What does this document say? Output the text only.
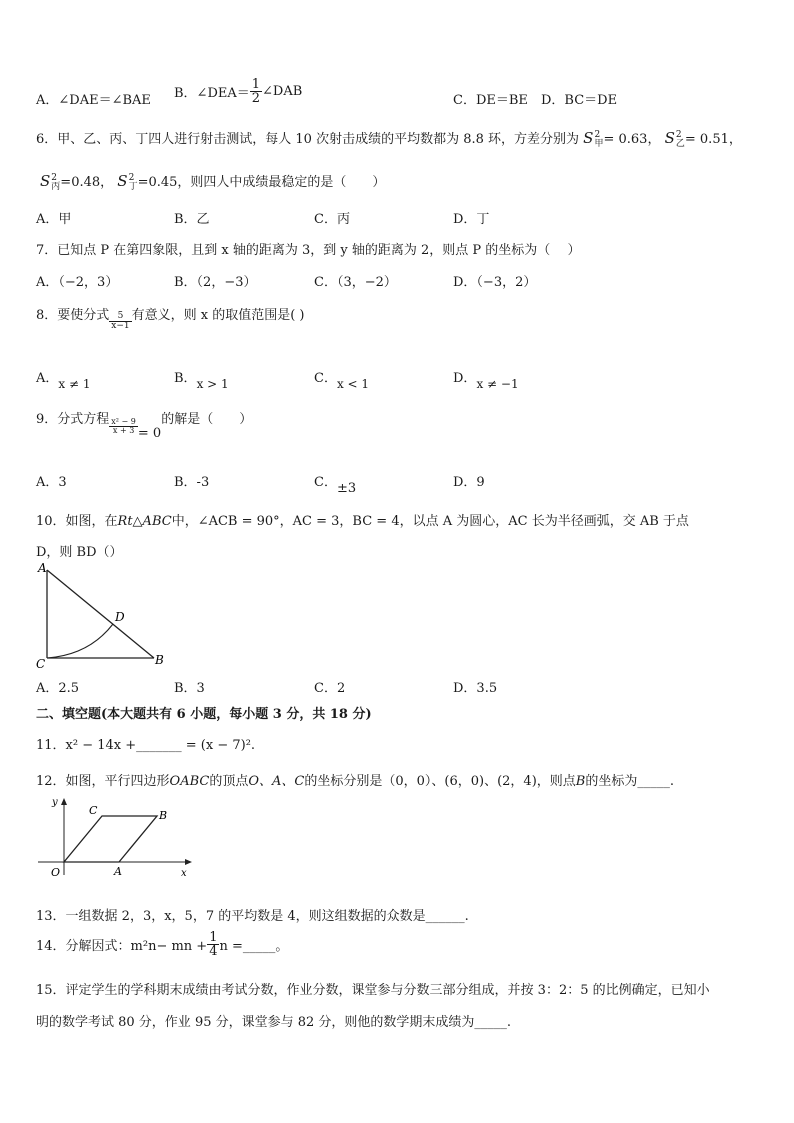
A．∠DAE＝∠BAE B．∠DEA＝ $\frac{1}{2}$ ∠DAB
C．DE＝BE D．BC＝DE
6．甲、乙、丙、丁四人进行射击测试，每人 10 次射击成绩的平均数都为 8.8 环，方差分别为 S 2
甲 = 0.63， S 2
乙 = 0.51，
S 2
丙 =0.48， S 2
丁 =0.45，则四人中成绩最稳定的是（　　）
A．甲	B．乙	C．丙	D．丁
7．已知点 P 在第四象限，且到 x 轴的距离为 3，到 y 轴的距离为 2，则点 P 的坐标为（　 ）
A．（−2，3）	B．（2，−3）	C．（3，−2）	D．（−3，2）
8．要使分式 $\frac{5}{x-1}$ 有意义，则 x 的取值范围是( )
A．x ≠ 1	B．x > 1	C．x < 1	D．x ≠ −1
9．分式方程 $\frac{\text{x² − 9}}{x + 3} = 0$的解是（　　）
A．3	B．-3	C．±3	D．9
10．如图，在Rt△ABC中，∠ACB = 90°，AC = 3，BC = 4，以点 A 为圆心，AC 长为半径画弧，交 AB 于点
D，则 BD（）
A
D
C	B
A．2.5	B．3	C．2	D．3.5
二、填空题(本大题共有 6 小题，每小题 3 分，共 18 分)
11．x² − 14x +_______ = (x − 7)².
12．如图，平行四边形OABC的顶点O、A、C的坐标分别是（0，0）、(6，0)、(2，4)，则点B的坐标为_____.
y
x
O	A
B
C
13．一组数据 2，3，x，5，7 的平均数是 4，则这组数据的众数是______.
14．分解因式：m²n− mn + $\frac{1}{4}$ n =_____。
15．评定学生的学科期末成绩由考试分数，作业分数，课堂参与分数三部分组成，并按 3：2：5 的比例确定，已知小
明的数学考试 80 分，作业 95 分，课堂参与 82 分，则他的数学期末成绩为_____.
